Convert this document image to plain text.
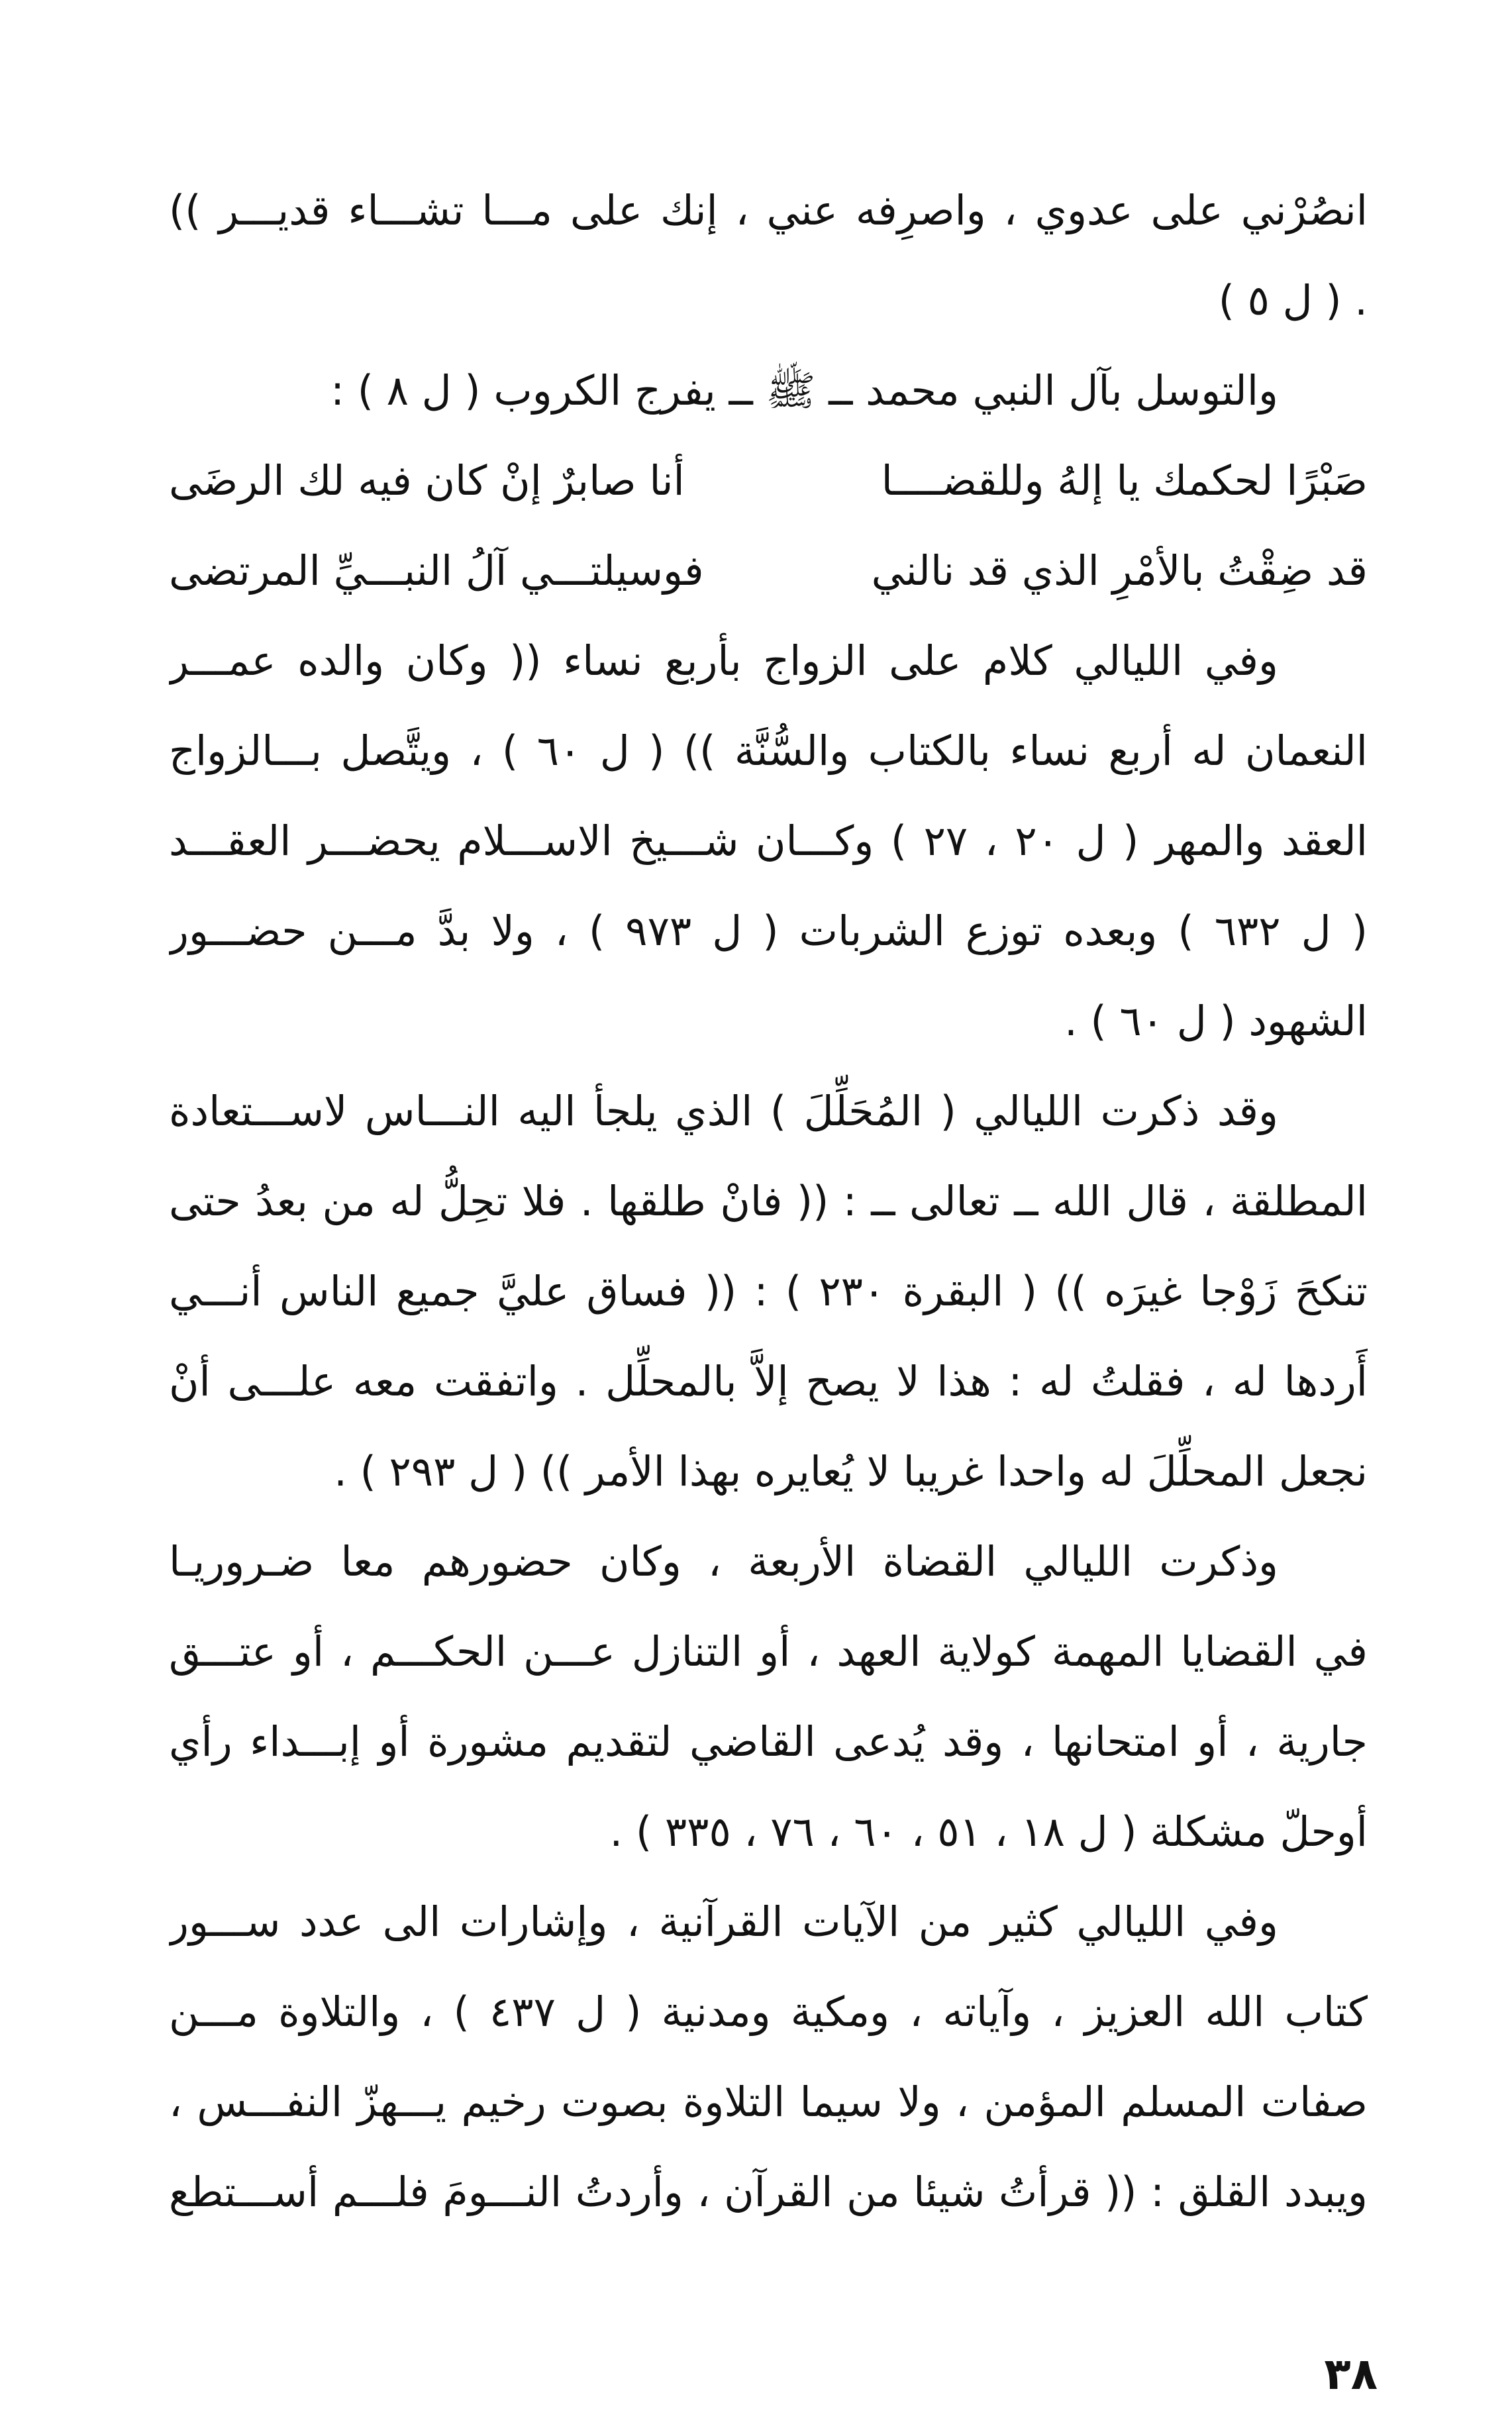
انصُرْني على عدوي ، واصرِفه عني ، إنك على مـــا تشـــاء قديـــر ))
. ( ل ٥ )
والتوسل بآل النبي محمد ــ ﷺ ــ يفرج الكروب ( ل ٨ ) :
صَبْرًا لحكمك يا إلهُ وللقضــــا
أنا صابرٌ إنْ كان فيه لك الرضَى
قد ضِقْتُ بالأمْرِ الذي قد نالني
فوسيلتـــي آلُ النبـــيِّ المرتضى
وفي الليالي كلام على الزواج بأربع نساء (( وكان والده عمـــر
النعمان له أربع نساء بالكتاب والسُّنَّة )) ( ل ٦٠ ) ، ويتَّصل بـــالزواج
العقد والمهر ( ل ٢٠ ، ٢٧ ) وكـــان شـــيخ الاســـلام يحضـــر العقـــد
( ل ٦٣٢ ) وبعده توزع الشربات ( ل ٩٧٣ ) ، ولا بدَّ مـــن حضـــور
الشهود ( ل ٦٠ ) .
وقد ذكرت الليالي ( المُحَلِّلَ ) الذي يلجأ اليه النـــاس لاســـتعادة
المطلقة ، قال الله ــ تعالى ــ : (( فانْ طلقها . فلا تحِلُّ له من بعدُ حتى
تنكحَ زَوْجا غيرَه )) ( البقرة ٢٣٠ ) : (( فساق عليَّ جميع الناس أنـــي
أَردها له ، فقلتُ له : هذا لا يصح إلاَّ بالمحلِّل . واتفقت معه علـــى أنْ
نجعل المحلِّلَ له واحدا غريبا لا يُعايره بهذا الأمر )) ( ل ٢٩٣ ) .
وذكرت الليالي القضاة الأربعة ، وكان حضورهم معا ضـروريـا
في القضايا المهمة كولاية العهد ، أو التنازل عـــن الحكـــم ، أو عتـــق
جارية ، أو امتحانها ، وقد يُدعى القاضي لتقديم مشورة أو إبـــداء رأي
أوحلّ مشكلة ( ل ١٨ ، ٥١ ، ٦٠ ، ٧٦ ، ٣٣٥ ) .
وفي الليالي كثير من الآيات القرآنية ، وإشارات الى عدد ســـور
كتاب الله العزيز ، وآياته ، ومكية ومدنية ( ل ٤٣٧ ) ، والتلاوة مـــن
صفات المسلم المؤمن ، ولا سيما التلاوة بصوت رخيم يـــهزّ النفـــس ،
ويبدد القلق : (( قرأتُ شيئا من القرآن ، وأردتُ النـــومَ فلـــم أســـتطع
٣٨
